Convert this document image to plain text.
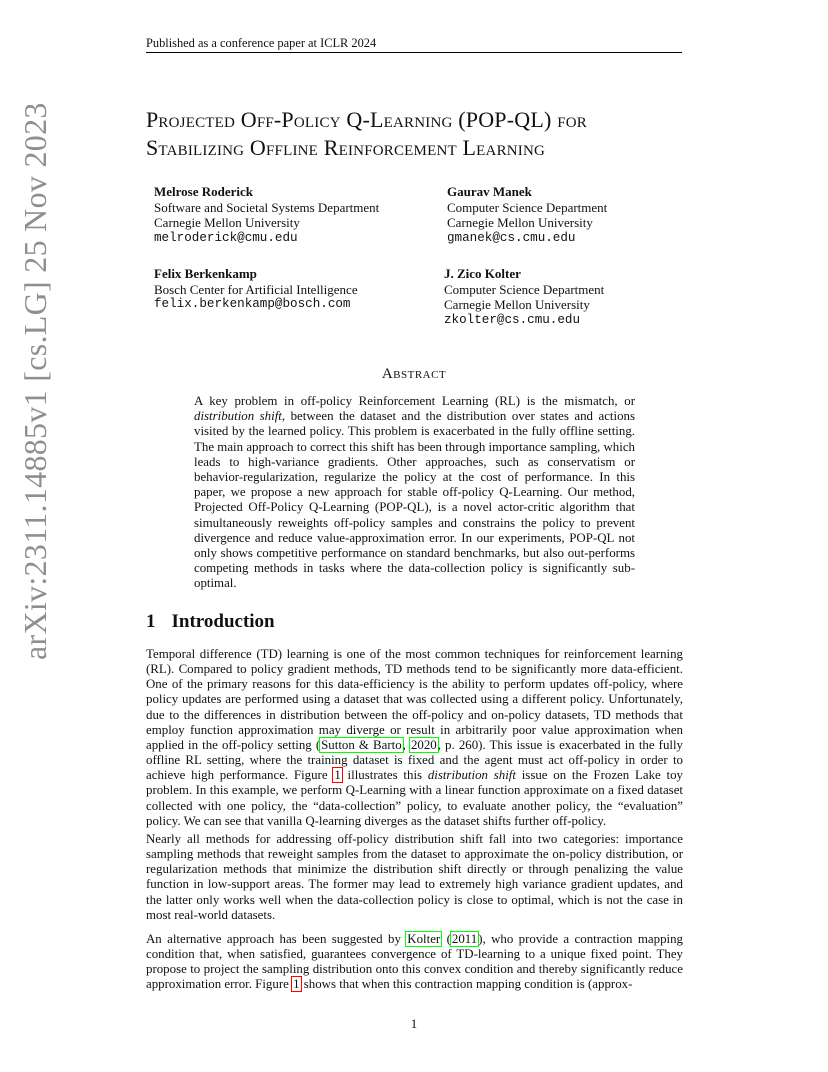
arXiv:2311.14885v1 [cs.LG] 25 Nov 2023
Published as a conference paper at ICLR 2024
Projected Off-Policy Q-Learning (POP-QL) for
Stabilizing Offline Reinforcement Learning
Melrose Roderick
Software and Societal Systems Department
Carnegie Mellon University
melroderick@cmu.edu
Gaurav Manek
Computer Science Department
Carnegie Mellon University
gmanek@cs.cmu.edu
Felix Berkenkamp
Bosch Center for Artificial Intelligence
felix.berkenkamp@bosch.com
J. Zico Kolter
Computer Science Department
Carnegie Mellon University
zkolter@cs.cmu.edu
Abstract
A key problem in off-policy Reinforcement Learning (RL) is the mismatch, or distribution shift, between the dataset and the distribution over states and actions visited by the learned policy. This problem is exacerbated in the fully offline setting. The main approach to correct this shift has been through importance sampling, which leads to high-variance gradients. Other approaches, such as conservatism or behavior-regularization, regularize the policy at the cost of performance. In this paper, we propose a new approach for stable off-policy Q-Learning. Our method, Projected Off-Policy Q-Learning (POP-QL), is a novel actor-critic algorithm that simultaneously reweights off-policy samples and constrains the policy to prevent divergence and reduce value-approximation error. In our experiments, POP-QL not only shows competitive performance on standard benchmarks, but also out-performs competing methods in tasks where the data-collection policy is significantly sub-optimal.
1 Introduction
Temporal difference (TD) learning is one of the most common techniques for reinforcement learning (RL). Compared to policy gradient methods, TD methods tend to be significantly more data-efficient. One of the primary reasons for this data-efficiency is the ability to perform updates off-policy, where policy updates are performed using a dataset that was collected using a different policy. Unfortunately, due to the differences in distribution between the off-policy and on-policy datasets, TD methods that employ function approximation may diverge or result in arbitrarily poor value approximation when applied in the off-policy setting (Sutton & Barto, 2020, p. 260). This issue is exacerbated in the fully offline RL setting, where the training dataset is fixed and the agent must act off-policy in order to achieve high performance. Figure 1 illustrates this distribution shift issue on the Frozen Lake toy problem. In this example, we perform Q-Learning with a linear function approximate on a fixed dataset collected with one policy, the “data-collection” policy, to evaluate another policy, the “evaluation” policy. We can see that vanilla Q-learning diverges as the dataset shifts further off-policy.
Nearly all methods for addressing off-policy distribution shift fall into two categories: importance sampling methods that reweight samples from the dataset to approximate the on-policy distribution, or regularization methods that minimize the distribution shift directly or through penalizing the value function in low-support areas. The former may lead to extremely high variance gradient updates, and the latter only works well when the data-collection policy is close to optimal, which is not the case in most real-world datasets.
An alternative approach has been suggested by Kolter (2011), who provide a contraction mapping condition that, when satisfied, guarantees convergence of TD-learning to a unique fixed point. They propose to project the sampling distribution onto this convex condition and thereby significantly reduce approximation error. Figure 1 shows that when this contraction mapping condition is (approx-
1
